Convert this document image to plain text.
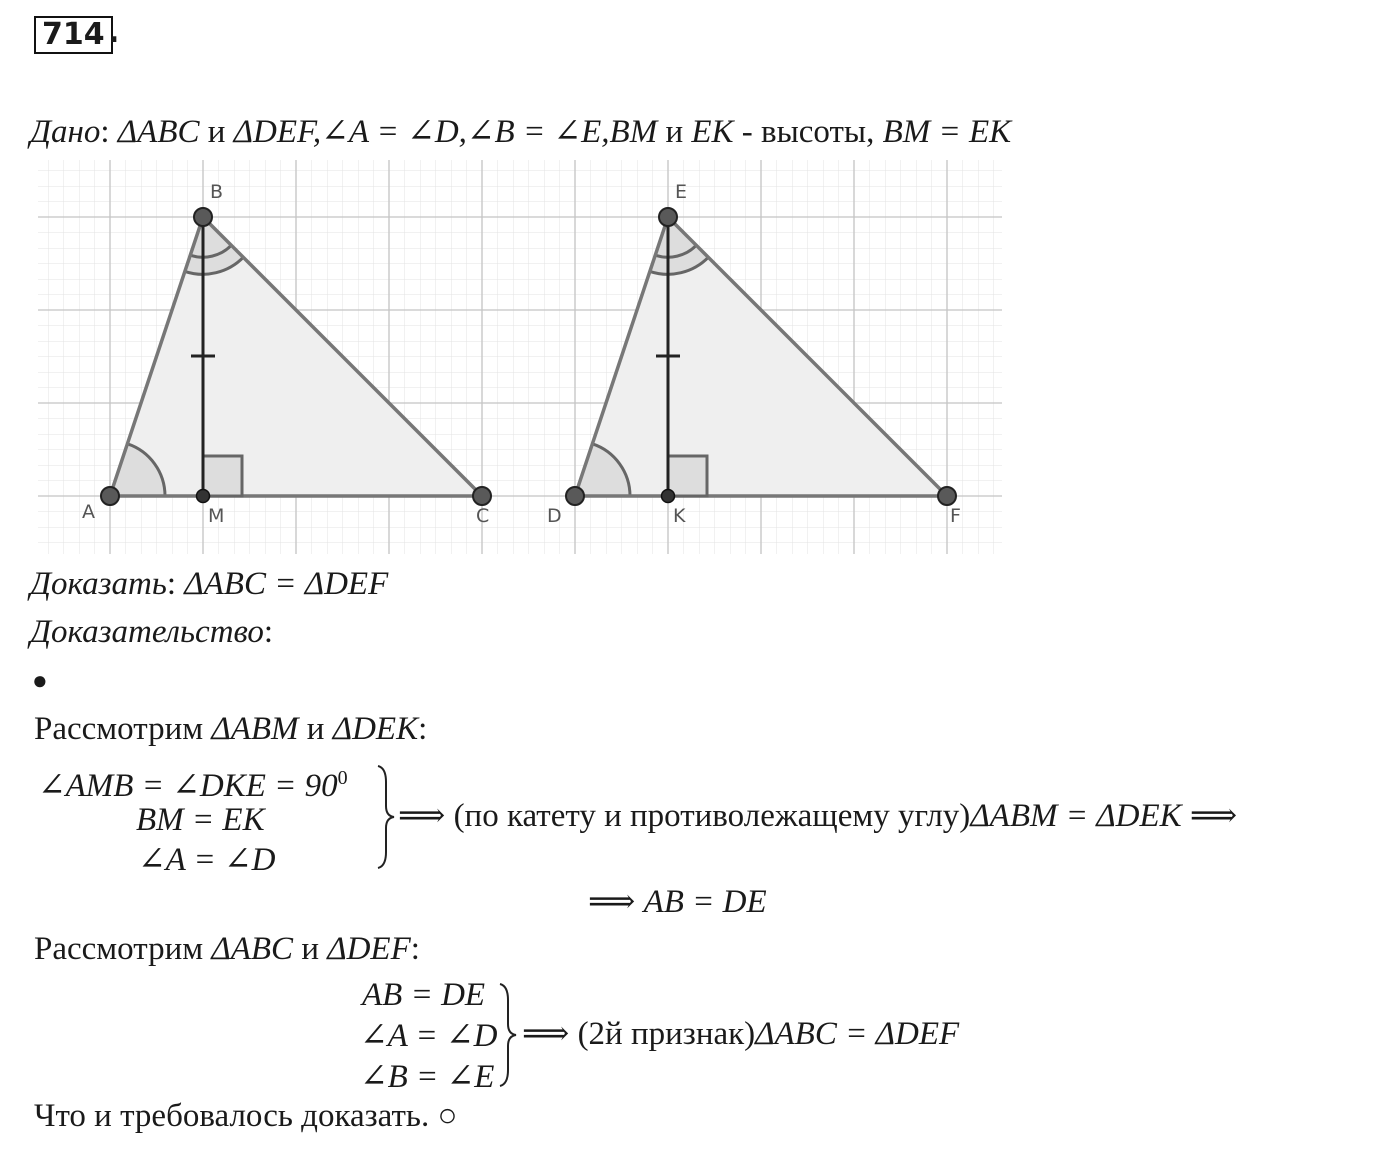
714 .
Дано: ΔABC и ΔDEF,∠A = ∠D,∠B = ∠E,BM и EK - высоты, BM = EK
B
A	M	C
E
D	K	F
Доказать: ΔABC = ΔDEF
Доказательство:
●
Рассмотрим ΔABM и ΔDEK:
∠AMB = ∠DKE = $90^0$
BM = EK
∠A = ∠D
⟹ (по катету и противолежащему углу)ΔABM = ΔDEK ⟹
⟹ AB = DE
Рассмотрим ΔABC и ΔDEF:
AB = DE
∠A = ∠D
∠B = ∠E
⟹ (2й признак)ΔABC = ΔDEF
Что и требовалось доказать. ○
